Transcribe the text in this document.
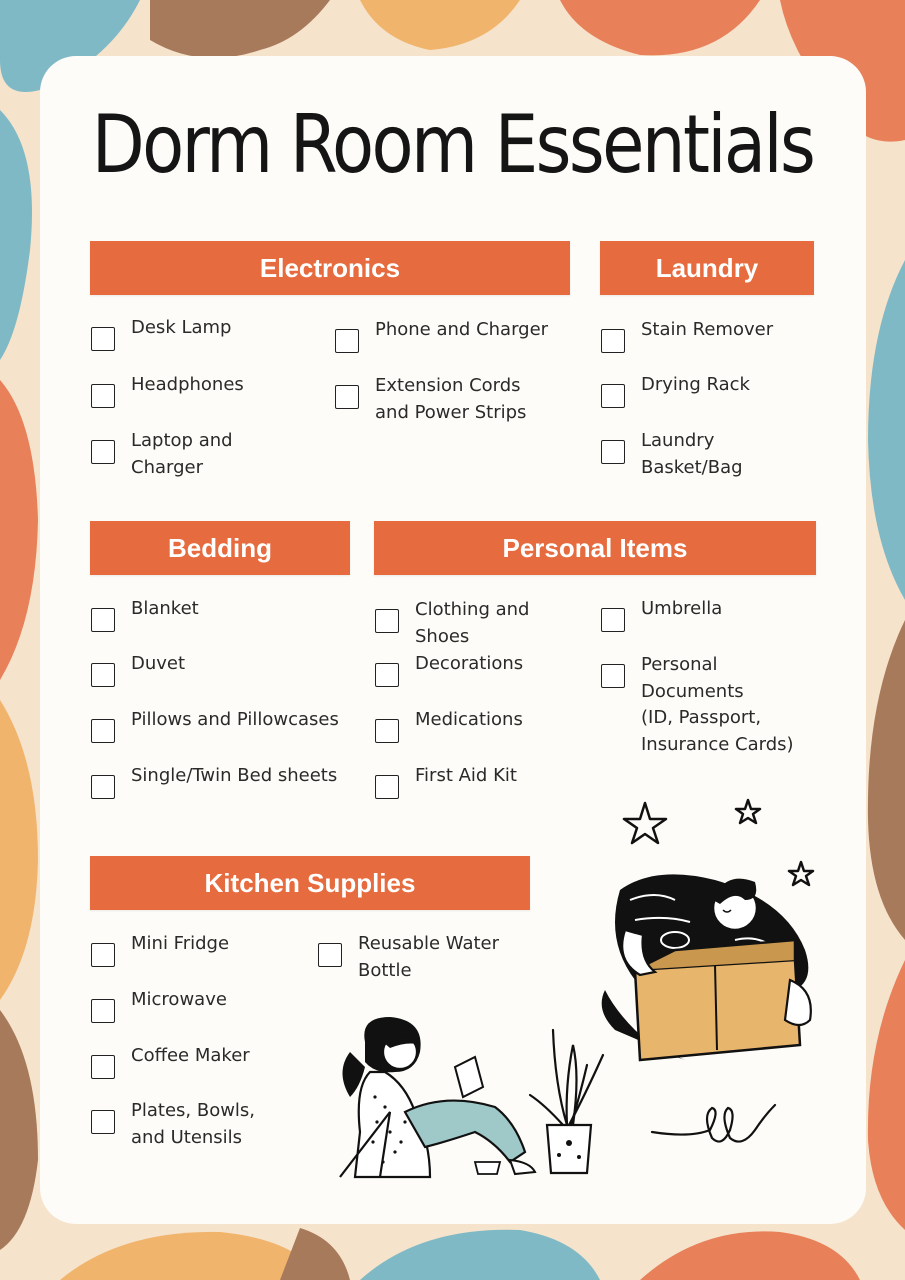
Dorm Room Essentials
Electronics	Laundry
Bedding	Personal Items
Kitchen Supplies
Desk Lamp
Headphones
Laptop and
Charger
Phone and Charger
Extension Cords
and Power Strips
Stain Remover
Drying Rack
Laundry
Basket/Bag
Blanket
Duvet
Pillows and Pillowcases
Single/Twin Bed sheets
Clothing and
Shoes
Decorations
Medications
First Aid Kit
Umbrella
Personal
Documents
(ID, Passport,
Insurance Cards)
Mini Fridge
Microwave
Coffee Maker
Plates, Bowls,
and Utensils
Reusable Water
Bottle
